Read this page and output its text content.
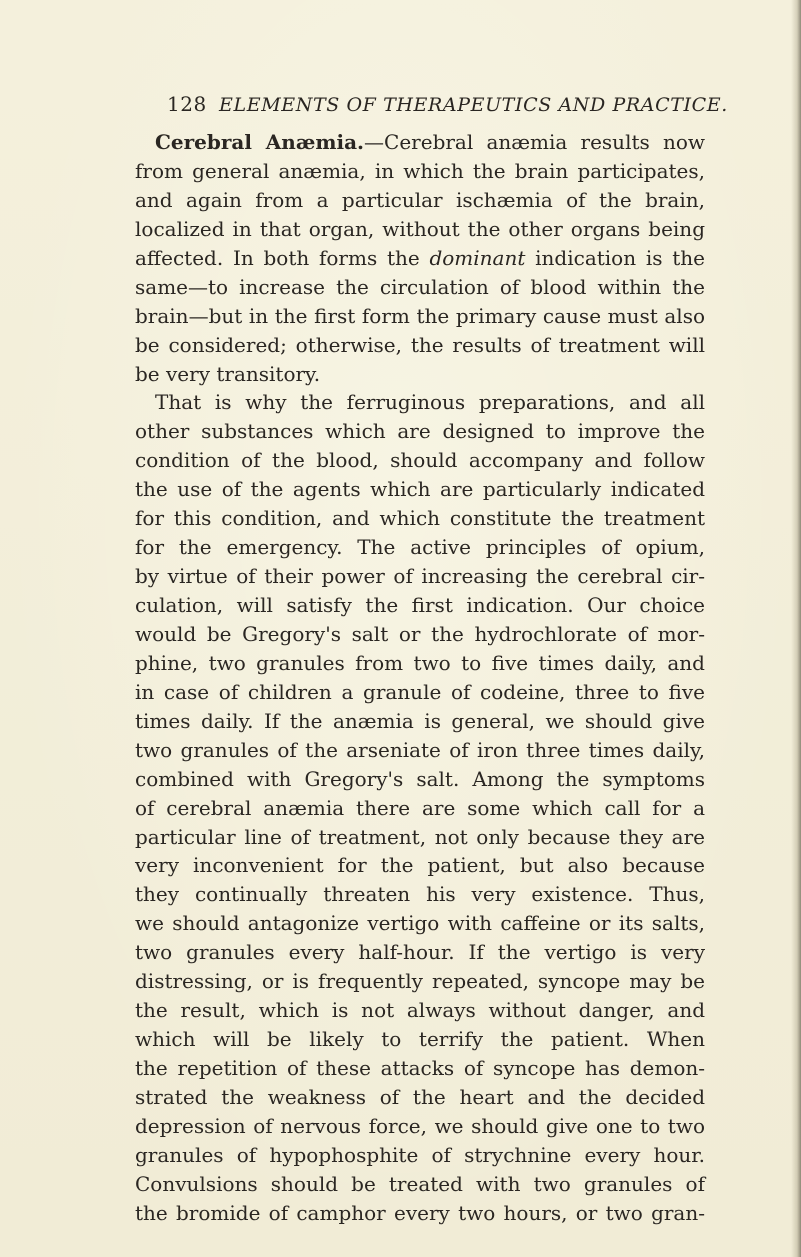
128 ELEMENTS OF THERAPEUTICS AND PRACTICE.
Cerebral Anæmia.—Cerebral anæmia results now
from general anæmia, in which the brain participates,
and again from a particular ischæmia of the brain,
localized in that organ, without the other organs being
affected. In both forms the dominant indication is the
same—to increase the circulation of blood within the
brain—but in the first form the primary cause must also
be considered; otherwise, the results of treatment will
be very transitory.
That is why the ferruginous preparations, and all
other substances which are designed to improve the
condition of the blood, should accompany and follow
the use of the agents which are particularly indicated
for this condition, and which constitute the treatment
for the emergency. The active principles of opium,
by virtue of their power of increasing the cerebral cir-
culation, will satisfy the first indication. Our choice
would be Gregory's salt or the hydrochlorate of mor-
phine, two granules from two to five times daily, and
in case of children a granule of codeine, three to five
times daily. If the anæmia is general, we should give
two granules of the arseniate of iron three times daily,
combined with Gregory's salt. Among the symptoms
of cerebral anæmia there are some which call for a
particular line of treatment, not only because they are
very inconvenient for the patient, but also because
they continually threaten his very existence. Thus,
we should antagonize vertigo with caffeine or its salts,
two granules every half-hour. If the vertigo is very
distressing, or is frequently repeated, syncope may be
the result, which is not always without danger, and
which will be likely to terrify the patient. When
the repetition of these attacks of syncope has demon-
strated the weakness of the heart and the decided
depression of nervous force, we should give one to two
granules of hypophosphite of strychnine every hour.
Convulsions should be treated with two granules of
the bromide of camphor every two hours, or two gran-
